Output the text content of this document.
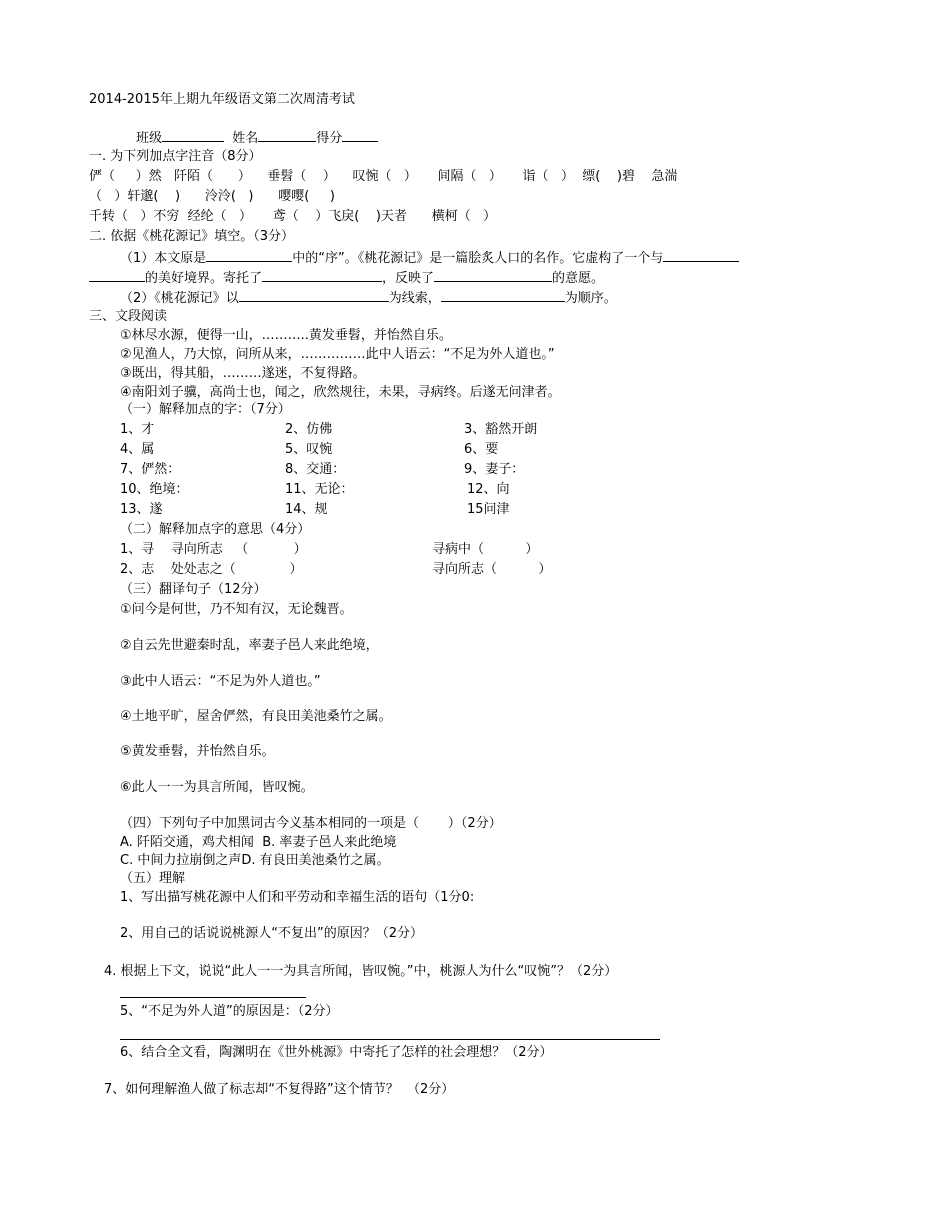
2014-2015年上期九年级语文第二次周清考试
班级	姓名	得分
一. 为下列加点字注音（8分）
俨（     ）然   阡陌（      ）    垂髫（    ）    叹惋（   ）     间隔（   ）     诣（   ）  缥(    )碧    急湍
（   ）轩邈(    )      泠泠(   )      嘤嘤(     )
千转（   ）不穷  经纶（   ）     鸢（    ）飞戾(    )天者      横柯（   ）
二. 依据《桃花源记》填空。（3分）
（1）本文原是	中的“序”。《桃花源记》是一篇脍炙人口的名作。它虚构了一个与
的美好境界。寄托了	，反映了	的意愿。
（2）《桃花源记》以	为线索，	为顺序。
三、文段阅读
①林尽水源，便得一山，………..黄发垂髫，并怡然自乐。
②见渔人，乃大惊，问所从来，……………此中人语云：“不足为外人道也。”
③既出，得其船，………遂迷，不复得路。
④南阳刘子骥，高尚士也，闻之，欣然规往，未果，寻病终。后遂无问津者。
（一）解释加点的字：（7分）
1、才	2、仿佛	3、豁然开朗
4、属	5、叹惋	6、要
7、俨然：	8、交通：	9、妻子：
10、绝境：	11、无论：	12、向
13、遂	14、规	15问津
（二）解释加点字的意思（4分）
1、寻    寻向所志   （           ）	寻病中（          ）
2、志    处处志之（             ）	寻向所志（          ）
（三）翻译句子（12分）
①问今是何世，乃不知有汉，无论魏晋。
②自云先世避秦时乱，率妻子邑人来此绝境，
③此中人语云：“不足为外人道也。”
④土地平旷，屋舍俨然，有良田美池桑竹之属。
⑤黄发垂髫，并怡然自乐。
⑥此人一一为具言所闻，皆叹惋。
（四）下列句子中加黑词古今义基本相同的一项是（       ）（2分）
A. 阡陌交通，鸡犬相闻  B. 率妻子邑人来此绝境
C. 中间力拉崩倒之声D. 有良田美池桑竹之属。
（五）理解
1、写出描写桃花源中人们和平劳动和幸福生活的语句（1分0:
2、用自己的话说说桃源人“不复出”的原因？（2分）
4. 根据上下文，说说“此人一一为具言所闻，皆叹惋。”中，桃源人为什么“叹惋”？（2分）
5、“不足为外人道”的原因是：（2分）
6、结合全文看，陶渊明在《世外桃源》中寄托了怎样的社会理想？（2分）
7、如何理解渔人做了标志却“不复得路”这个情节？  （2分）
